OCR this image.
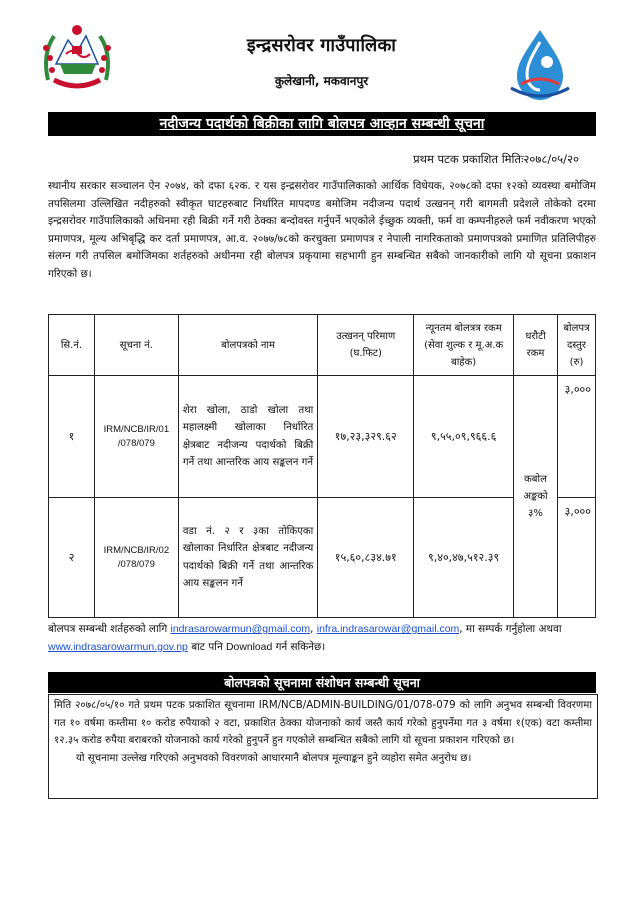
इन्द्रसरोवर गाउँपालिका
कुलेखानी, मकवानपुर
नदीजन्य पदार्थको बिक्रीका लागि बोलपत्र आव्हान सम्बन्धी सूचना
प्रथम पटक प्रकाशित मितिः२०७८/०५/२०
स्थानीय सरकार सञ्चालन ऐन २०७४, को दफा ६२क. र यस इन्द्रसरोवर गाउँपालिकाको आर्थिक विधेयक, २०७८को दफा १२को व्यवस्था बमोजिम तपसिलमा उल्लिखित नदीहरुको स्वीकृत घाटहरुबाट निर्धारित मापदण्ड बमोजिम नदीजन्य पदार्थ उत्खनन् गरी बागमती प्रदेशले तोकेको दरमा इन्द्रसरोवर गाउँपालिकाको अधिनमा रही बिक्री गर्ने गरी ठेक्का बन्दोवस्त गर्नुपर्ने भएकोले ईच्छुक व्यक्ती, फर्म वा कम्पनीहरुले फर्म नवीकरण भएको प्रमाणपत्र, मूल्य अभिबृद्धि कर दर्ता प्रमाणपत्र, आ.व. २०७७/७८को करचुक्ता प्रमाणपत्र र नेपाली नागरिकताको प्रमाणपत्रको प्रमाणित प्रतिलिपीहरु संलग्न गरी तपसिल बमोजिमका शर्तहरुको अधीनमा रही बोलपत्र प्रकृयामा सहभागी हुन सम्बन्धित सबैको जानकारीको लागि यो सूचना प्रकाशन गरिएको छ।
सि.नं.	सूचना नं.	बोलपत्रको नाम	उत्खनन् परिमाण (घ.फिट)	न्यूनतम बोलत्रत्र रकम (सेवा शुल्क र मू.अ.क बाहेक)	धरौटी रकम	बोलपत्र दस्तुर (रु)
१	IRM/NCB/IR/01 /078/079	शेरा खोला, ठाडो खोला तथा महालक्ष्मी खोलाका निर्धारित क्षेत्रबाट नदीजन्य पदार्थको बिक्री गर्ने तथा आन्तरिक आय सङ्कलन गर्ने	१७,२३,३२९.६२	९,५५,०९,९६६.६	कबोल अङ्कको ३%	३,०००
२	IRM/NCB/IR/02 /078/079	वडा नं. २ र ३का तोकिएका खोलाका निर्धारित क्षेत्रबाट नदीजन्य पदार्थको बिक्री गर्ने तथा आन्तरिक आय सङ्कलन गर्ने	१५,६०,८३४.७१	९,४०,४७,५१२.३९		३,०००
बोलपत्र सम्बन्धी शर्तहरुको लागि indrasarowarmun@gmail.com, infra.indrasarowar@gmail.com, मा सम्पर्क गर्नुहोला अथवा www.indrasarowarmun.gov.np बाट पनि Download गर्न सकिनेछ।
बोलपत्रको सूचनामा संशोधन सम्बन्धी सूचना
मिति २०७८/०५/१० गते प्रथम पटक प्रकाशित सूचनामा IRM/NCB/ADMIN-BUILDING/01/078-079 को लागि अनुभव सम्बन्धी विवरणमा गत १० वर्षमा कम्तीमा १० करोड रुपैयाको २ वटा, प्रकाशित ठेक्का योजनाको कार्य जस्तै कार्य गरेको हुनुपर्नेमा गत ३ वर्षमा १(एक) वटा कम्तीमा १२.३५ करोड रुपैया बराबरको योजनाको कार्य गरेको हुनुपर्ने हुन गएकोले सम्बन्धित सबैको लागि यो सूचना प्रकाशन गरिएको छ।
यो सूचनामा उल्लेख गरिएको अनुभवको विवरणको आधारमानै बोलपत्र मूल्याङ्कन हुने व्यहोरा समेत अनुरोध छ।
